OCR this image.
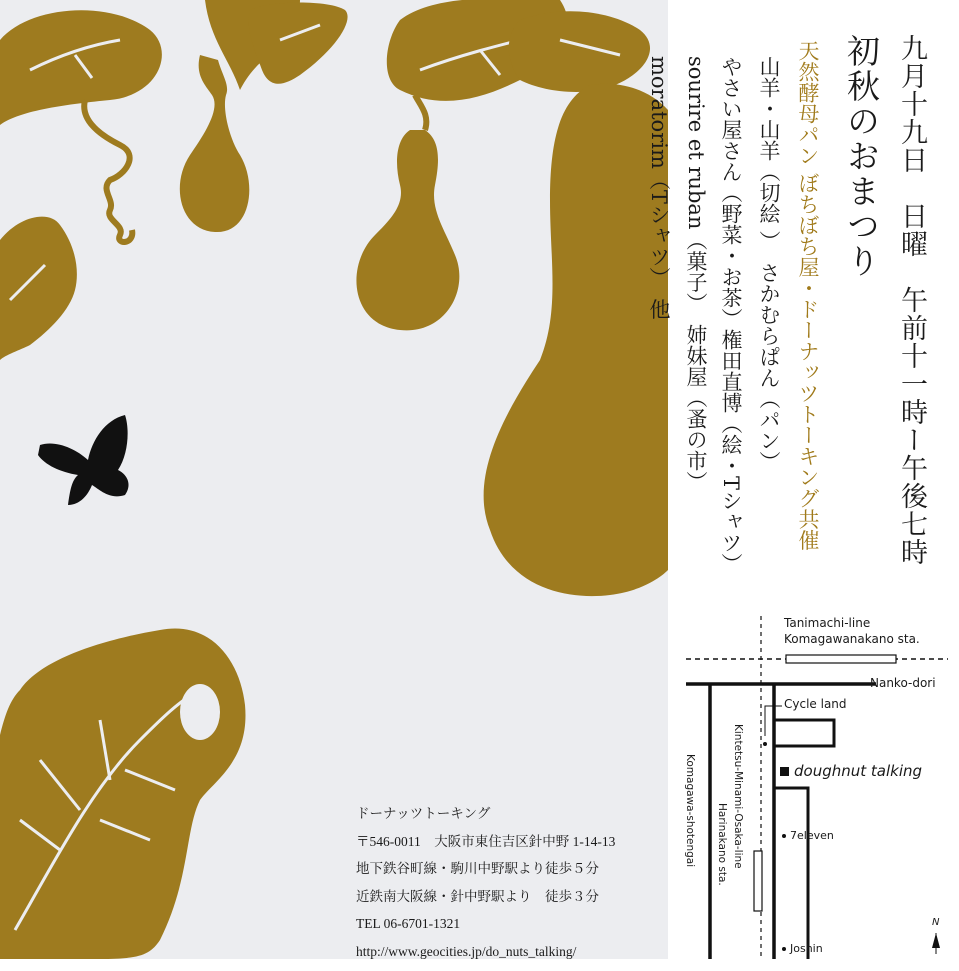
九月十九日　日曜　午前十一時ー午後七時
初秋のおまつり
天然酵母パン ぼちぼち屋・ドーナッツトーキング共催
山羊・山羊（切絵 ）　さかむらぱん（パン）
やさい屋さん（野菜・お茶）権田直博（絵・Tシャツ）
sourire et ruban（菓子）　姉妹屋（蚤の市）
moratorim（Tシャツ）　他
ドーナッツトーキング
〒546-0011　大阪市東住吉区針中野 1-14-13
地下鉄谷町線・駒川中野駅より徒歩５分
近鉄南大阪線・針中野駅より　徒歩３分
TEL 06-6701-1321
http://www.geocities.jp/do_nuts_talking/
Tanimachi-line
Komagawanakano sta.
Nanko-dori
Cycle land
doughnut talking
7eleven
Joshin
Kintetsu-Minami-Osaka-line
Harinakano sta.
Komagawa-shotengai
N
